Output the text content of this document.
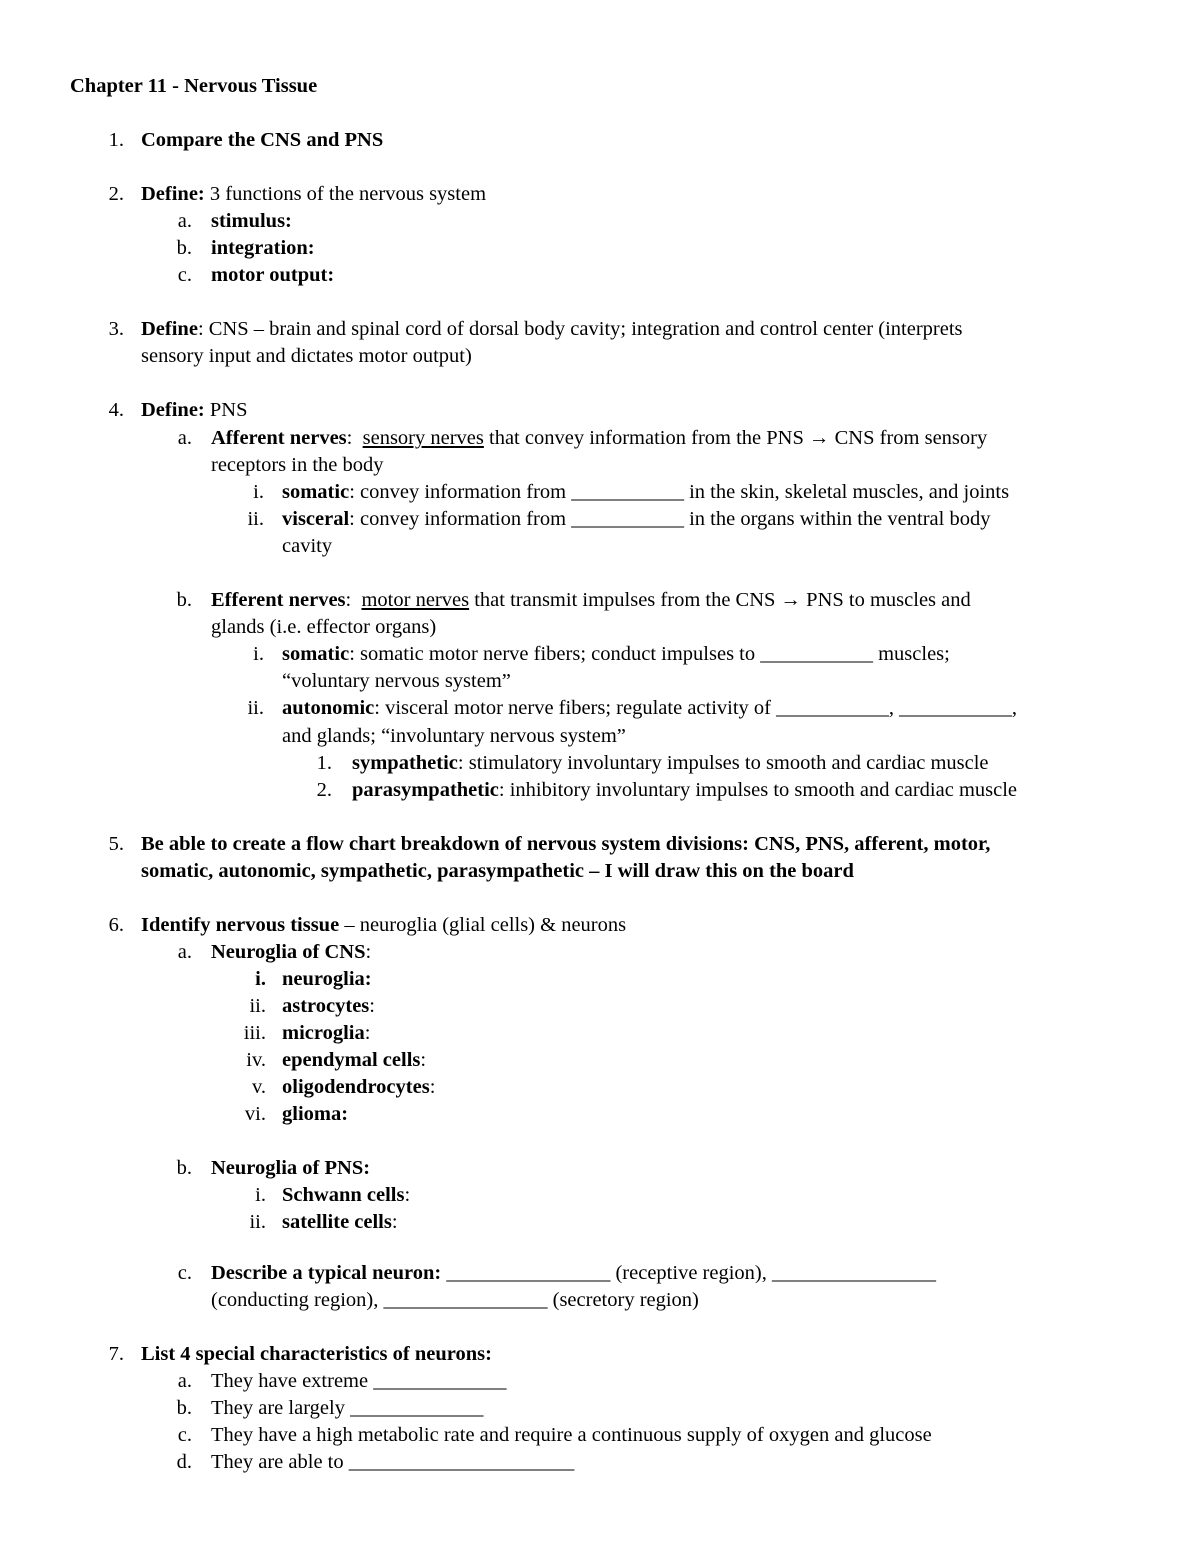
Chapter 11 - Nervous Tissue
1. Compare the CNS and PNS
2. Define: 3 functions of the nervous system
a. stimulus:
b. integration:
c. motor output:
3. Define: CNS – brain and spinal cord of dorsal body cavity; integration and control center (interprets
sensory input and dictates motor output)
4. Define: PNS
a. Afferent nerves: sensory nerves that convey information from the PNS → CNS from sensory
receptors in the body
i. somatic: convey information from ___________ in the skin, skeletal muscles, and joints
ii. visceral: convey information from ___________ in the organs within the ventral body
cavity
b. Efferent nerves: motor nerves that transmit impulses from the CNS → PNS to muscles and
glands (i.e. effector organs)
i. somatic: somatic motor nerve fibers; conduct impulses to ___________ muscles;
“voluntary nervous system”
ii. autonomic: visceral motor nerve fibers; regulate activity of ___________, ___________,
and glands; “involuntary nervous system”
1. sympathetic: stimulatory involuntary impulses to smooth and cardiac muscle
2. parasympathetic: inhibitory involuntary impulses to smooth and cardiac muscle
5. Be able to create a flow chart breakdown of nervous system divisions: CNS, PNS, afferent, motor,
somatic, autonomic, sympathetic, parasympathetic – I will draw this on the board
6. Identify nervous tissue – neuroglia (glial cells) & neurons
a. Neuroglia of CNS:
i. neuroglia:
ii. astrocytes:
iii. microglia:
iv. ependymal cells:
v. oligodendrocytes:
vi. glioma:
b. Neuroglia of PNS:
i. Schwann cells:
ii. satellite cells:
c. Describe a typical neuron: ________________ (receptive region), ________________
(conducting region), ________________ (secretory region)
7. List 4 special characteristics of neurons:
a. They have extreme _____________
b. They are largely _____________
c. They have a high metabolic rate and require a continuous supply of oxygen and glucose
d. They are able to ______________________
